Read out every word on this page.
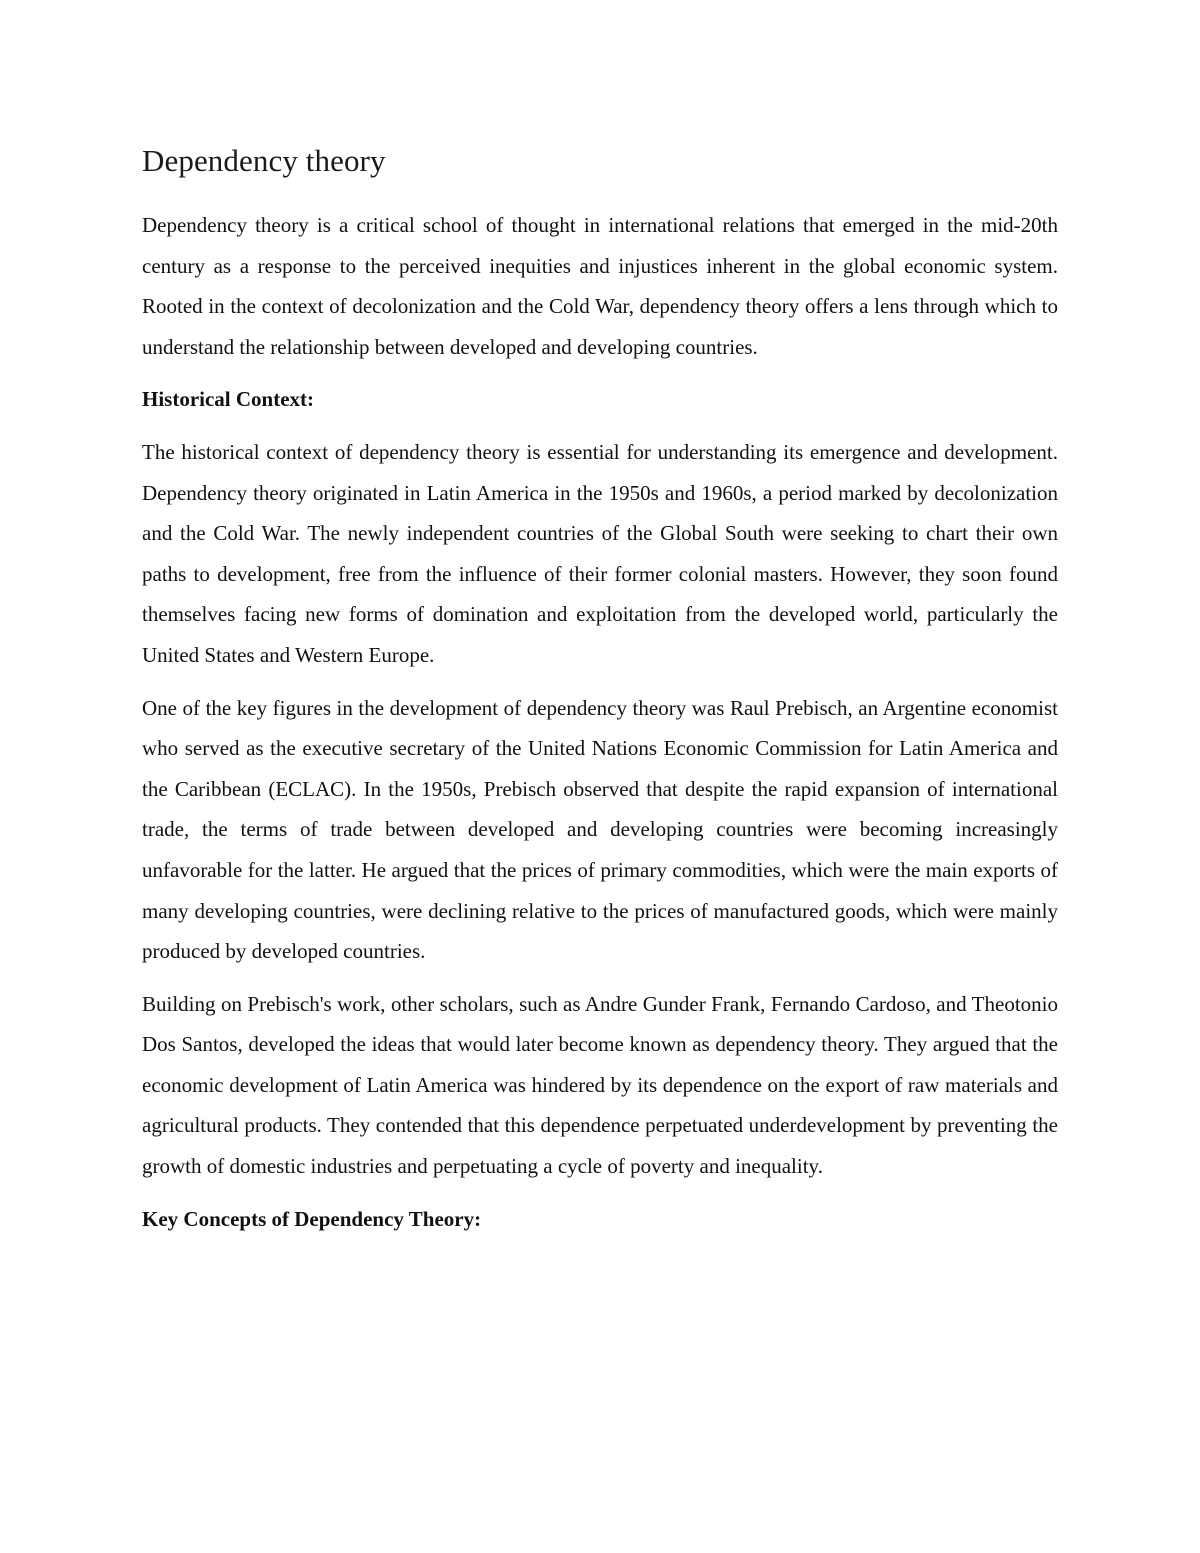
Dependency theory

Dependency theory is a critical school of thought in international relations that emerged in the mid-20th century as a response to the perceived inequities and injustices inherent in the global economic system. Rooted in the context of decolonization and the Cold War, dependency theory offers a lens through which to understand the relationship between developed and developing countries.

Historical Context:

The historical context of dependency theory is essential for understanding its emergence and development. Dependency theory originated in Latin America in the 1950s and 1960s, a period marked by decolonization and the Cold War. The newly independent countries of the Global South were seeking to chart their own paths to development, free from the influence of their former colonial masters. However, they soon found themselves facing new forms of domination and exploitation from the developed world, particularly the United States and Western Europe.

One of the key figures in the development of dependency theory was Raul Prebisch, an Argentine economist who served as the executive secretary of the United Nations Economic Commission for Latin America and the Caribbean (ECLAC). In the 1950s, Prebisch observed that despite the rapid expansion of international trade, the terms of trade between developed and developing countries were becoming increasingly unfavorable for the latter. He argued that the prices of primary commodities, which were the main exports of many developing countries, were declining relative to the prices of manufactured goods, which were mainly produced by developed countries.

Building on Prebisch's work, other scholars, such as Andre Gunder Frank, Fernando Cardoso, and Theotonio Dos Santos, developed the ideas that would later become known as dependency theory. They argued that the economic development of Latin America was hindered by its dependence on the export of raw materials and agricultural products. They contended that this dependence perpetuated underdevelopment by preventing the growth of domestic industries and perpetuating a cycle of poverty and inequality.

Key Concepts of Dependency Theory:
